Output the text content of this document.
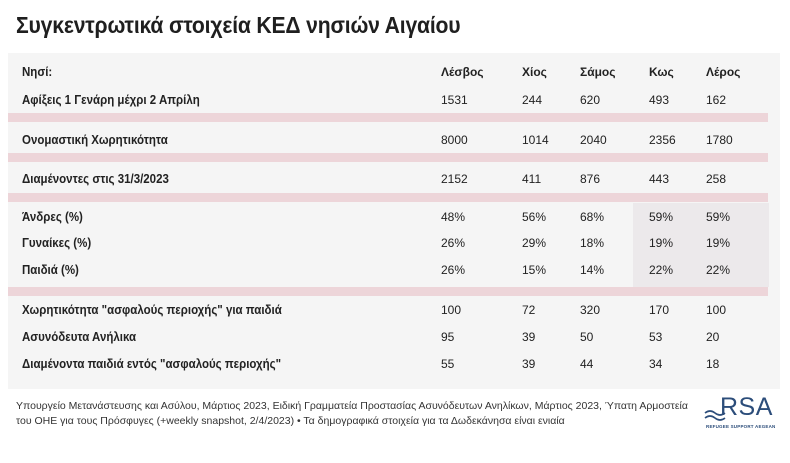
Συγκεντρωτικά στοιχεία ΚΕΔ νησιών Αιγαίου
Νησί:	Λέσβος	Χίος	Σάμος	Κως	Λέρος
Αφίξεις 1 Γενάρη μέχρι 2 Απρίλη	1531	244	620	493	162
Ονομαστική Χωρητικότητα	8000	1014	2040	2356	1780
Διαμένοντες στις 31/3/2023	2152	411	876	443	258
Άνδρες (%)	48%	56%	68%	59%	59%
Γυναίκες (%)	26%	29%	18%	19%	19%
Παιδιά (%)	26%	15%	14%	22%	22%
Χωρητικότητα "ασφαλούς περιοχής" για παιδιά	100	72	320	170	100
Ασυνόδευτα Ανήλικα	95	39	50	53	20
Διαμένοντα παιδιά εντός "ασφαλούς περιοχής"	55	39	44	34	18
Υπουργείο Μετανάστευσης και Ασύλου, Μάρτιος 2023, Ειδική Γραμματεία Προστασίας Ασυνόδευτων Ανηλίκων, Μάρτιος 2023, Ύπατη Αρμοστεία
του ΟΗΕ για τους Πρόσφυγες (+weekly snapshot, 2/4/2023) • Τα δημογραφικά στοιχεία για τα Δωδεκάνησα είναι ενιαία	RSA
REFUGEE SUPPORT AEGEAN
